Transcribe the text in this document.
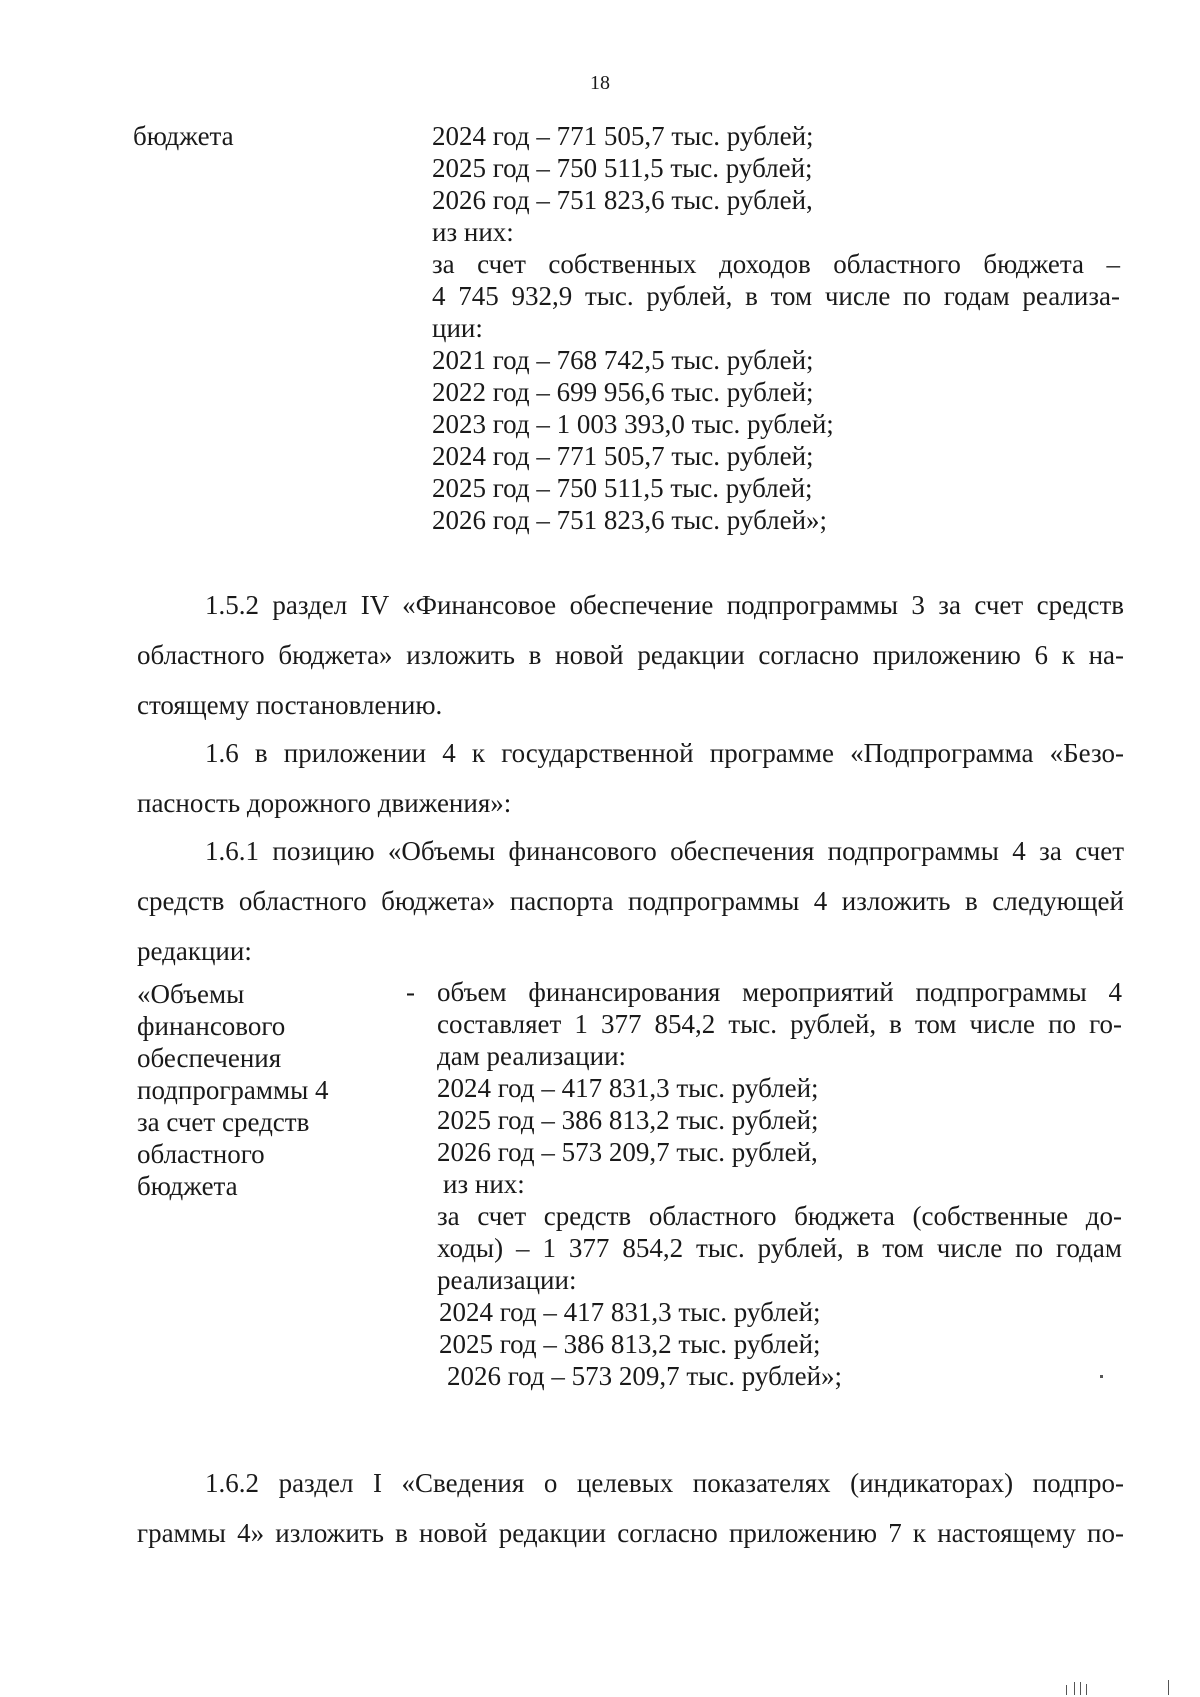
18
бюджета	2024 год – 771 505,7 тыс. рублей;
2025 год – 750 511,5 тыс. рублей;
2026 год – 751 823,6 тыс. рублей,
из них:
за счет собственных доходов областного бюджета –
4 745 932,9 тыс. рублей, в том числе по годам реализа-
ции:
2021 год – 768 742,5 тыс. рублей;
2022 год – 699 956,6 тыс. рублей;
2023 год – 1 003 393,0 тыс. рублей;
2024 год – 771 505,7 тыс. рублей;
2025 год – 750 511,5 тыс. рублей;
2026 год – 751 823,6 тыс. рублей»;
1.5.2 раздел IV «Финансовое обеспечение подпрограммы 3 за счет средств
областного бюджета» изложить в новой редакции согласно приложению 6 к на-
стоящему постановлению.
1.6 в приложении 4 к государственной программе «Подпрограмма «Безо-
пасность дорожного движения»:
1.6.1 позицию «Объемы финансового обеспечения подпрограммы 4 за счет
средств областного бюджета» паспорта подпрограммы 4 изложить в следующей
редакции:
«Объемы
финансового
обеспечения
подпрограммы 4
за счет средств
областного
бюджета
- объем финансирования мероприятий подпрограммы 4
составляет 1 377 854,2 тыс. рублей, в том числе по го-
дам реализации:
2024 год – 417 831,3 тыс. рублей;
2025 год – 386 813,2 тыс. рублей;
2026 год – 573 209,7 тыс. рублей,
из них:
за счет средств областного бюджета (собственные до-
ходы) – 1 377 854,2 тыс. рублей, в том числе по годам
реализации:
2024 год – 417 831,3 тыс. рублей;
2025 год – 386 813,2 тыс. рублей;
2026 год – 573 209,7 тыс. рублей»;
1.6.2 раздел I «Сведения о целевых показателях (индикаторах) подпро-
граммы 4» изложить в новой редакции согласно приложению 7 к настоящему по-
